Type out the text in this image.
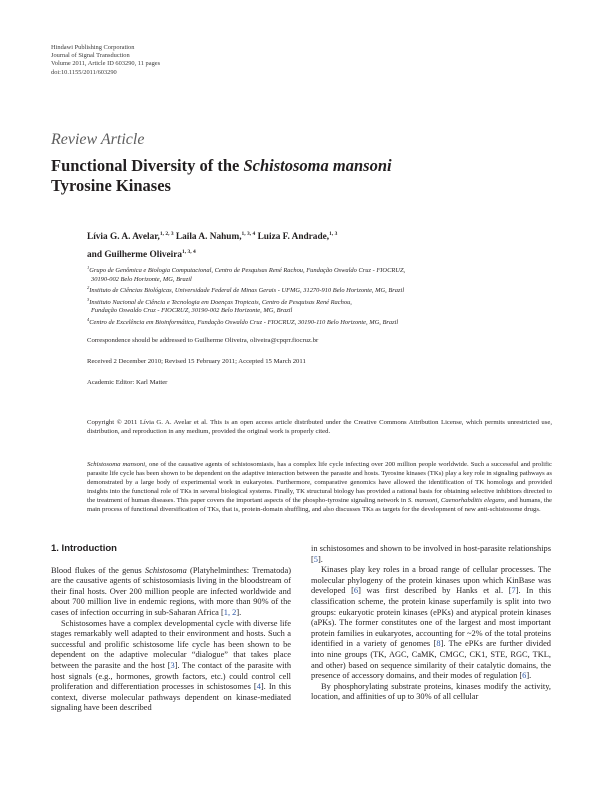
Hindawi Publishing Corporation
Journal of Signal Transduction
Volume 2011, Article ID 603290, 11 pages
doi:10.1155/2011/603290
Review Article
Functional Diversity of the Schistosoma mansoni
Tyrosine Kinases
Lívia G. A. Avelar,$^{1, 2, 3}$ Laila A. Nahum,$^{1, 3, 4}$ Luiza F. Andrade,$^{1, 3}$
and Guilherme Oliveira$^{1, 3, 4}$
$^1$Grupo de Genômica e Biologia Computacional, Centro de Pesquisas René Rachou, Fundação Oswaldo Cruz - FIOCRUZ,
30190-002 Belo Horizonte, MG, Brazil
$^2$Instituto de Ciências Biológicas, Universidade Federal de Minas Gerais - UFMG, 31270-910 Belo Horizonte, MG, Brazil
$^3$Instituto Nacional de Ciência e Tecnologia em Doenças Tropicais, Centro de Pesquisas René Rachou,
Fundação Oswaldo Cruz - FIOCRUZ, 30190-002 Belo Horizonte, MG, Brazil
$^4$Centro de Excelência em Bioinformática, Fundação Oswaldo Cruz - FIOCRUZ, 30190-110 Belo Horizonte, MG, Brazil
Correspondence should be addressed to Guilherme Oliveira, oliveira@cpqrr.fiocruz.br
Received 2 December 2010; Revised 15 February 2011; Accepted 15 March 2011
Academic Editor: Karl Matter
Copyright © 2011 Lívia G. A. Avelar et al. This is an open access article distributed under the Creative Commons Attribution License, which permits unrestricted use, distribution, and reproduction in any medium, provided the original work is properly cited.
Schistosoma mansoni, one of the causative agents of schistosomiasis, has a complex life cycle infecting over 200 million people worldwide. Such a successful and prolific parasite life cycle has been shown to be dependent on the adaptive interaction between the parasite and hosts. Tyrosine kinases (TKs) play a key role in signaling pathways as demonstrated by a large body of experimental work in eukaryotes. Furthermore, comparative genomics have allowed the identification of TK homologs and provided insights into the functional role of TKs in several biological systems. Finally, TK structural biology has provided a rational basis for obtaining selective inhibitors directed to the treatment of human diseases. This paper covers the important aspects of the phospho-tyrosine signaling network in S. mansoni, Caenorhabditis elegans, and humans, the main process of functional diversification of TKs, that is, protein-domain shuffling, and also discusses TKs as targets for the development of new anti-schistosome drugs.
1. Introduction

Blood flukes of the genus Schistosoma (Platyhelminthes: Trematoda) are the causative agents of schistosomiasis living in the bloodstream of their final hosts. Over 200 million people are infected worldwide and about 700 million live in endemic regions, with more than 90% of the cases of infection occurring in sub-Saharan Africa [1, 2].

Schistosomes have a complex developmental cycle with diverse life stages remarkably well adapted to their environment and hosts. Such a successful and prolific schistosome life cycle has been shown to be dependent on the adaptive molecular “dialogue” that takes place between the parasite and the host [3]. The contact of the parasite with host signals (e.g., hormones, growth factors, etc.) could control cell proliferation and differentiation processes in schistosomes [4]. In this context, diverse molecular pathways dependent on kinase-mediated signaling have been described

in schistosomes and shown to be involved in host-parasite relationships [5].

Kinases play key roles in a broad range of cellular processes. The molecular phylogeny of the protein kinases upon which KinBase was developed [6] was first described by Hanks et al. [7]. In this classification scheme, the protein kinase superfamily is split into two groups: eukaryotic protein kinases (ePKs) and atypical protein kinases (aPKs). The former constitutes one of the largest and most important protein families in eukaryotes, accounting for ~2% of the total proteins identified in a variety of genomes [8]. The ePKs are further divided into nine groups (TK, AGC, CaMK, CMGC, CK1, STE, RGC, TKL, and other) based on sequence similarity of their catalytic domains, the presence of accessory domains, and their modes of regulation [6].

By phosphorylating substrate proteins, kinases modify the activity, location, and affinities of up to 30% of all cellular
